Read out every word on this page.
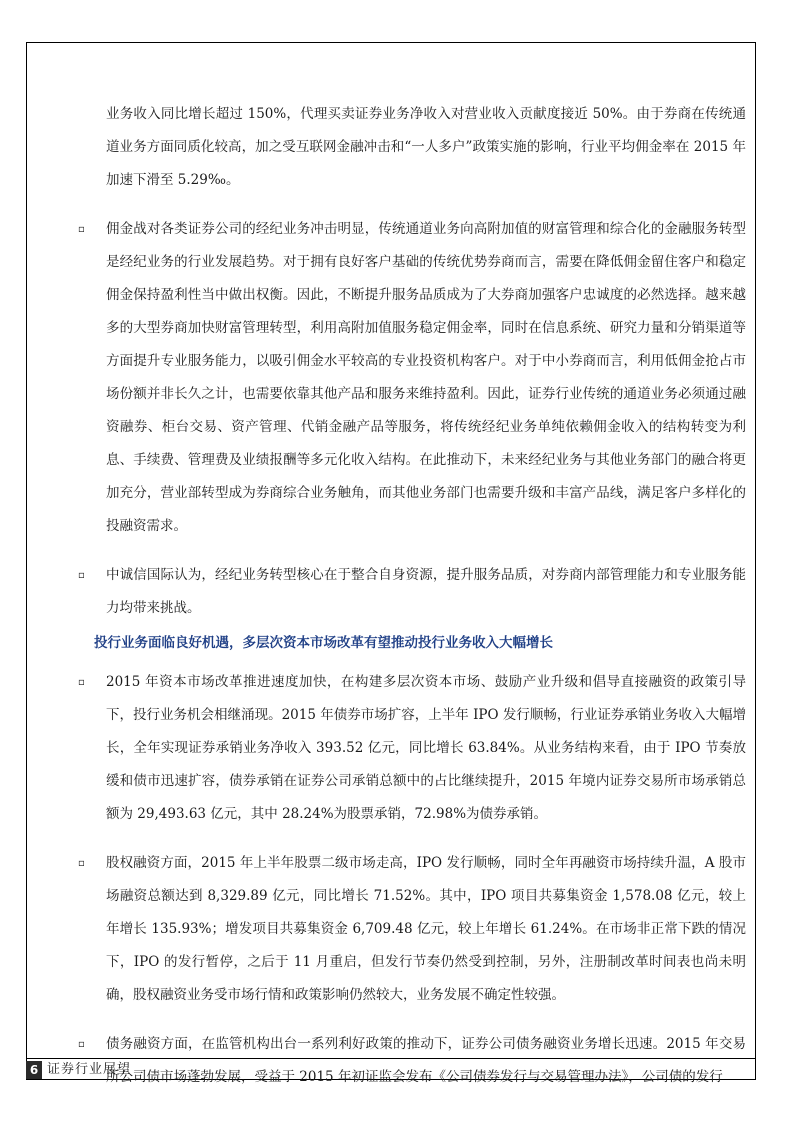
业务收入同比增长超过 150%，代理买卖证券业务净收入对营业收入贡献度接近 50%。由于券商在传统通道业务方面同质化较高，加之受互联网金融冲击和“一人多户”政策实施的影响，行业平均佣金率在 2015 年加速下滑至 5.29‰。

▫ 佣金战对各类证券公司的经纪业务冲击明显，传统通道业务向高附加值的财富管理和综合化的金融服务转型是经纪业务的行业发展趋势。对于拥有良好客户基础的传统优势券商而言，需要在降低佣金留住客户和稳定佣金保持盈利性当中做出权衡。因此，不断提升服务品质成为了大券商加强客户忠诚度的必然选择。越来越多的大型券商加快财富管理转型，利用高附加值服务稳定佣金率，同时在信息系统、研究力量和分销渠道等方面提升专业服务能力，以吸引佣金水平较高的专业投资机构客户。对于中小券商而言，利用低佣金抢占市场份额并非长久之计，也需要依靠其他产品和服务来维持盈利。因此，证券行业传统的通道业务必须通过融资融券、柜台交易、资产管理、代销金融产品等服务，将传统经纪业务单纯依赖佣金收入的结构转变为利息、手续费、管理费及业绩报酬等多元化收入结构。在此推动下，未来经纪业务与其他业务部门的融合将更加充分，营业部转型成为券商综合业务触角，而其他业务部门也需要升级和丰富产品线，满足客户多样化的投融资需求。

▫ 中诚信国际认为，经纪业务转型核心在于整合自身资源，提升服务品质，对券商内部管理能力和专业服务能力均带来挑战。

投行业务面临良好机遇，多层次资本市场改革有望推动投行业务收入大幅增长
▫ 2015 年资本市场改革推进速度加快，在构建多层次资本市场、鼓励产业升级和倡导直接融资的政策引导下，投行业务机会相继涌现。2015 年债券市场扩容，上半年 IPO 发行顺畅，行业证券承销业务收入大幅增长，全年实现证券承销业务净收入 393.52 亿元，同比增长 63.84%。从业务结构来看，由于 IPO 节奏放缓和债市迅速扩容，债券承销在证券公司承销总额中的占比继续提升，2015 年境内证券交易所市场承销总额为 29,493.63 亿元，其中 28.24%为股票承销，72.98%为债券承销。

▫ 股权融资方面，2015 年上半年股票二级市场走高，IPO 发行顺畅，同时全年再融资市场持续升温，A 股市场融资总额达到 8,329.89 亿元，同比增长 71.52%。其中，IPO 项目共募集资金 1,578.08 亿元，较上年增长 135.93%；增发项目共募集资金 6,709.48 亿元，较上年增长 61.24%。在市场非正常下跌的情况下，IPO 的发行暂停，之后于 11 月重启，但发行节奏仍然受到控制，另外，注册制改革时间表也尚未明确，股权融资业务受市场行情和政策影响仍然较大，业务发展不确定性较强。

▫ 债务融资方面，在监管机构出台一系列利好政策的推动下，证券公司债务融资业务增长迅速。2015 年交易所公司债市场蓬勃发展，受益于 2015 年初证监会发布《公司债券发行与交易管理办法》，公司债的发行

6 证券行业展望
